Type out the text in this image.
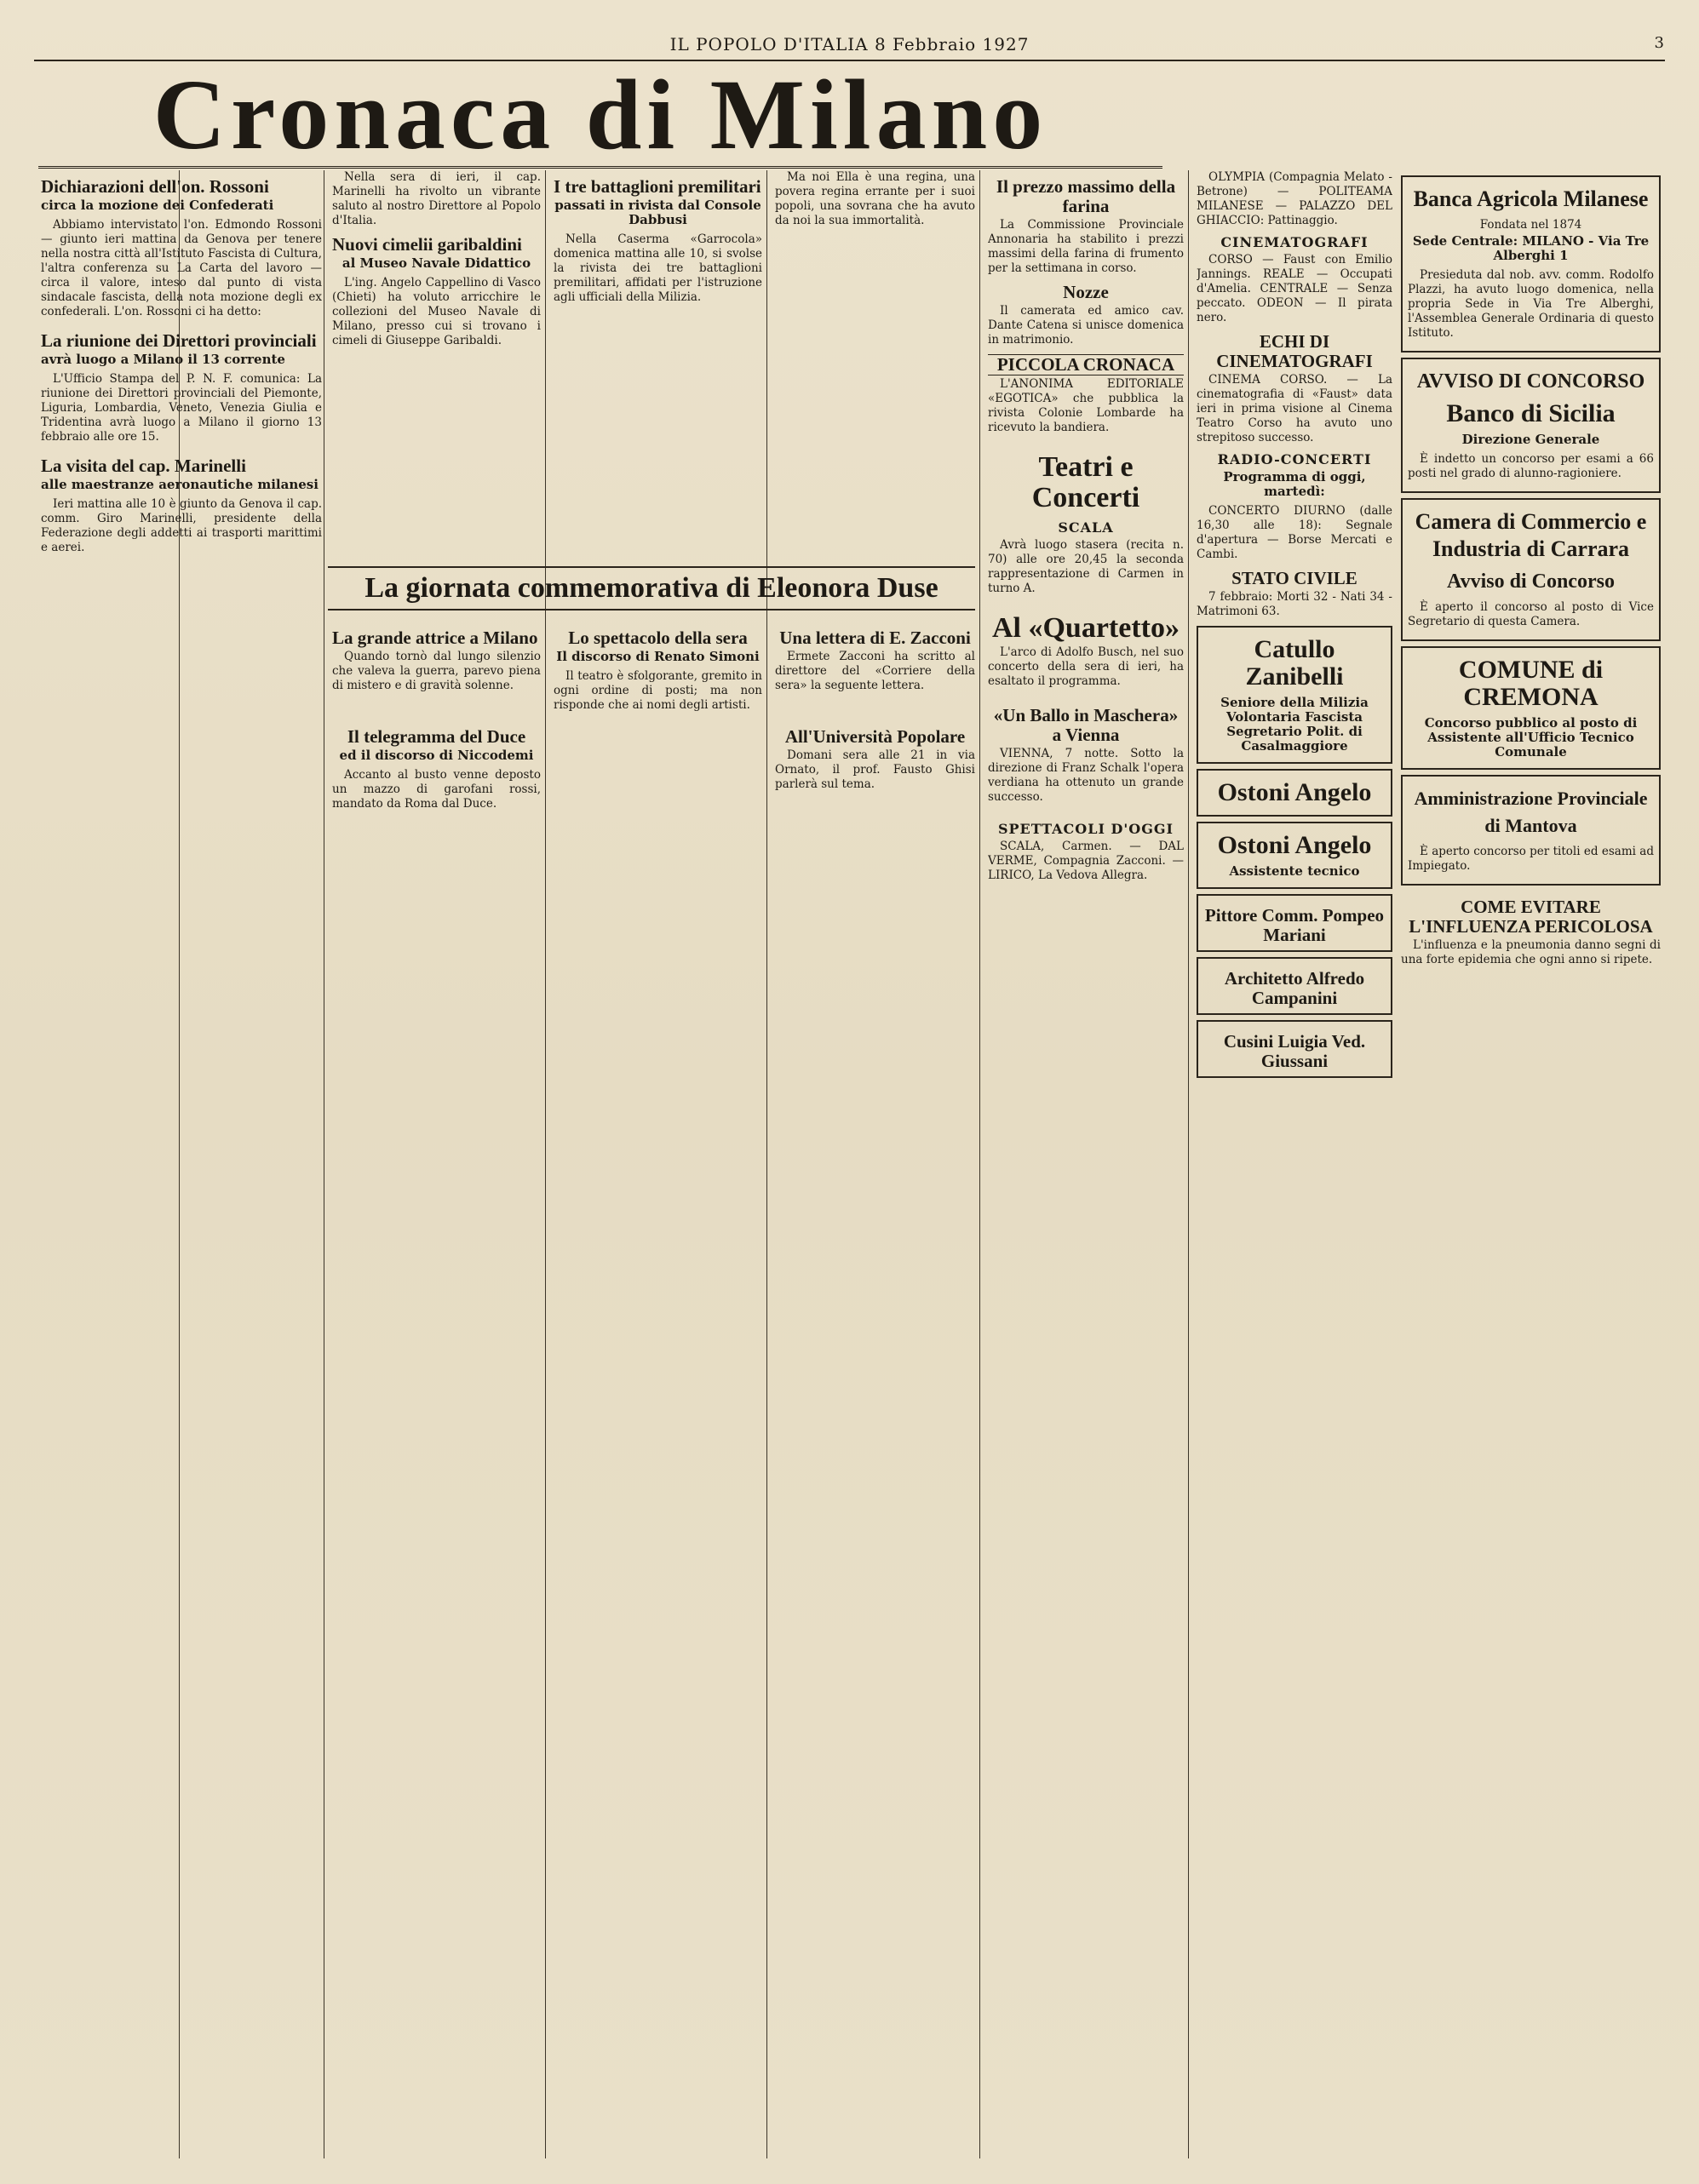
IL POPOLO D'ITALIA 8 Febbraio 1927	3
Cronaca di Milano
Dichiarazioni dell'on. Rossoni
circa la mozione dei Confederati

Abbiamo intervistato l'on. Edmondo Rossoni — giunto ieri mattina da Genova per tenere nella nostra città all'Istituto Fascista di Cultura, l'altra conferenza su La Carta del lavoro — circa il valore, inteso dal punto di vista sindacale fascista, della nota mozione degli ex confederali. L'on. Rossoni ci ha detto:

La riunione dei Direttori provinciali
avrà luogo a Milano il 13 corrente

L'Ufficio Stampa del P. N. F. comunica: La riunione dei Direttori provinciali del Piemonte, Liguria, Lombardia, Veneto, Venezia Giulia e Tridentina avrà luogo a Milano il giorno 13 febbraio alle ore 15.

La visita del cap. Marinelli
alle maestranze aeronautiche milanesi

Ieri mattina alle 10 è giunto da Genova il cap. comm. Giro Marinelli, presidente della Federazione degli addetti ai trasporti marittimi e aerei.

Nella sera di ieri, il cap. Marinelli ha rivolto un vibrante saluto al nostro Direttore al Popolo d'Italia.

Nuovi cimelii garibaldini
al Museo Navale Didattico

L'ing. Angelo Cappellino di Vasco (Chieti) ha voluto arricchire le collezioni del Museo Navale di Milano, presso cui si trovano i cimeli di Giuseppe Garibaldi.

I tre battaglioni premilitari
passati in rivista dal Console Dabbusi

Nella Caserma «Garrocola» domenica mattina alle 10, si svolse la rivista dei tre battaglioni premilitari, affidati per l'istruzione agli ufficiali della Milizia.

Ma noi Ella è una regina, una povera regina errante per i suoi popoli, una sovrana che ha avuto da noi la sua immortalità.

La giornata commemorativa di Eleonora Duse
La grande attrice a Milano

Quando tornò dal lungo silenzio che valeva la guerra, parevo piena di mistero e di gravità solenne.

Il telegramma del Duce
ed il discorso di Niccodemi

Accanto al busto venne deposto un mazzo di garofani rossi, mandato da Roma dal Duce.

Lo spettacolo della sera
Il discorso di Renato Simoni

Il teatro è sfolgorante, gremito in ogni ordine di posti; ma non risponde che ai nomi degli artisti.

Una lettera di E. Zacconi

Ermete Zacconi ha scritto al direttore del «Corriere della sera» la seguente lettera.

All'Università Popolare

Domani sera alle 21 in via Ornato, il prof. Fausto Ghisi parlerà sul tema.

Il prezzo massimo della farina

La Commissione Provinciale Annonaria ha stabilito i prezzi massimi della farina di frumento per la settimana in corso.

Nozze

Il camerata ed amico cav. Dante Catena si unisce domenica in matrimonio.

PICCOLA CRONACA

L'ANONIMA EDITORIALE «EGOTICA» che pubblica la rivista Colonie Lombarde ha ricevuto la bandiera.

Teatri e Concerti
SCALA

Avrà luogo stasera (recita n. 70) alle ore 20,45 la seconda rappresentazione di Carmen in turno A.

Al «Quartetto»

L'arco di Adolfo Busch, nel suo concerto della sera di ieri, ha esaltato il programma.

«Un Ballo in Maschera» a Vienna

VIENNA, 7 notte. Sotto la direzione di Franz Schalk l'opera verdiana ha ottenuto un grande successo.

SPETTACOLI D'OGGI

SCALA, Carmen. — DAL VERME, Compagnia Zacconi. — LIRICO, La Vedova Allegra.

OLYMPIA (Compagnia Melato - Betrone) — POLITEAMA MILANESE — PALAZZO DEL GHIACCIO: Pattinaggio.

CINEMATOGRAFI

CORSO — Faust con Emilio Jannings. REALE — Occupati d'Amelia. CENTRALE — Senza peccato. ODEON — Il pirata nero.

ECHI DI CINEMATOGRAFI

CINEMA CORSO. — La cinematografia di «Faust» data ieri in prima visione al Cinema Teatro Corso ha avuto uno strepitoso successo.

RADIO-CONCERTI
Programma di oggi, martedì:

CONCERTO DIURNO (dalle 16,30 alle 18): Segnale d'apertura — Borse Mercati e Cambi.

STATO CIVILE

7 febbraio: Morti 32 - Nati 34 - Matrimoni 63.

Catullo Zanibelli
Seniore della Milizia Volontaria Fascista Segretario Polit. di Casalmaggiore
Ostoni Angelo
Ostoni Angelo
Assistente tecnico
Pittore Comm. Pompeo Mariani
Architetto Alfredo Campanini
Cusini Luigia Ved. Giussani
Banca Agricola Milanese
Fondata nel 1874
Sede Centrale: MILANO - Via Tre Alberghi 1

Presieduta dal nob. avv. comm. Rodolfo Plazzi, ha avuto luogo domenica, nella propria Sede in Via Tre Alberghi, l'Assemblea Generale Ordinaria di questo Istituto.

AVVISO DI CONCORSO
Banco di Sicilia
Direzione Generale

È indetto un concorso per esami a 66 posti nel grado di alunno-ragioniere.

Camera di Commercio e Industria di Carrara
Avviso di Concorso

È aperto il concorso al posto di Vice Segretario di questa Camera.

COMUNE di CREMONA
Concorso pubblico al posto di Assistente all'Ufficio Tecnico Comunale
Amministrazione Provinciale di Mantova

È aperto concorso per titoli ed esami ad Impiegato.

COME EVITARE L'INFLUENZA PERICOLOSA

L'influenza e la pneumonia danno segni di una forte epidemia che ogni anno si ripete.
